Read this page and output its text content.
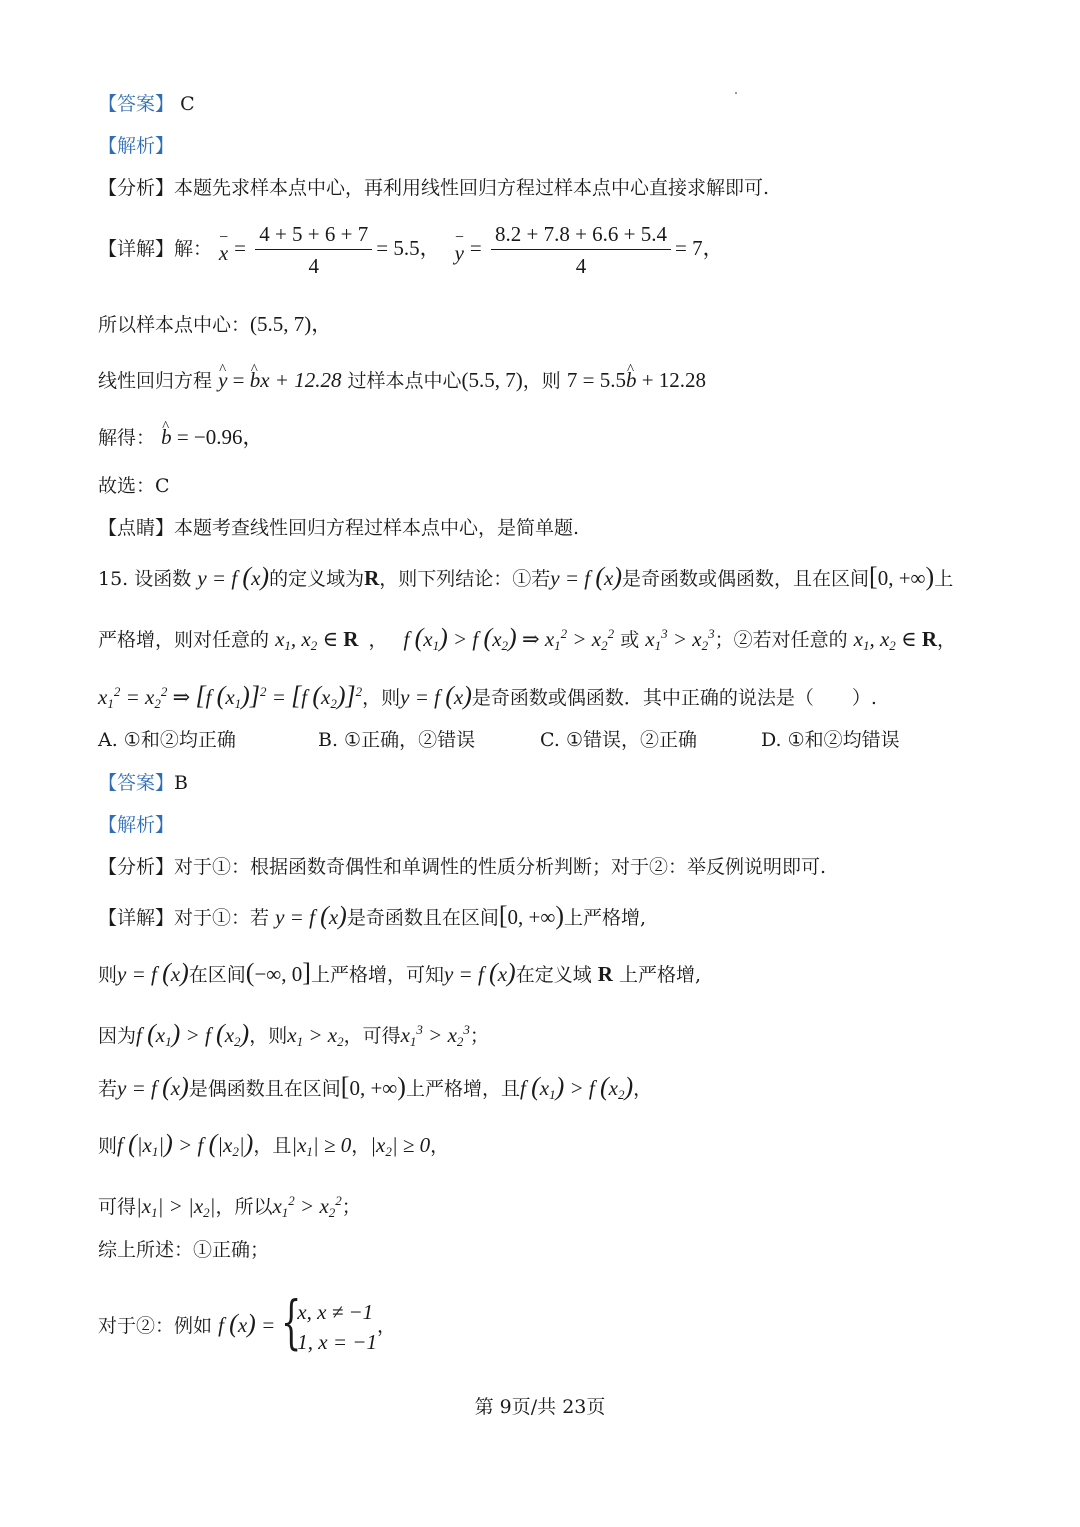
【答案】 C
【解析】
【分析】本题先求样本点中心，再利用线性回归方程过样本点中心直接求解即可.
【详解】解：
−
$x = \frac{4 + 5 + 6 + 7}{4} = 5.5$， −
$y = \frac{8.2 + 7.8 + 6.6 + 5.4}{4} = 7$，
所以样本点中心：(5.5, 7)，
线性回归方程 ^ y = ^ bx + 12.28 过样本点中心(5.5, 7)，则 7 = 5.5^ b + 12.28
解得： ^ b = −0.96，
故选：C
【点睛】本题考查线性回归方程过样本点中心，是简单题.
15. 设函数 y = f (x)的定义域为R，则下列结论：①若y = f (x)是奇函数或偶函数，且在区间[0, +∞)上
严格增，则对任意的 $x_1$, $x_2$ ∈ R ， f $(x_1) > f$ $(x_2)$ ⇒ $x_1^2 > x_2^2$ 或 $x_1^3 > x_2^3$；②若对任意的 $x_1$, $x_2$ ∈ R，
$x_1^2 = x_2^2$ ⇒ [f $(x_1)]^2 = [f$ $(x_2)]^2$，则y = f (x)是奇函数或偶函数．其中正确的说法是（　　）.
A. ①和②均正确	B. ①正确，②错误	C. ①错误，②正确	D. ①和②均错误
【答案】B
【解析】
【分析】对于①：根据函数奇偶性和单调性的性质分析判断；对于②：举反例说明即可.
【详解】对于①：若 y = f (x)是奇函数且在区间[0, +∞)上严格增,
则y = f (x)在区间(−∞, 0]上严格增，可知y = f (x)在定义域 R 上严格增,
因为f $(x_1) > f$ $(x_2)$，则$x_1 > x_2$，可得$x_1^3 > x_2^3$；
若y = f (x)是偶函数且在区间[0, +∞)上严格增，且f $(x_1) > f$ $(x_2)$，
则f $(|x_1|) > f$ $(|x_2|)$，且$|x_1| \ge 0$，$|x_2| \ge 0$，
可得$|x_1| > |x_2|$，所以$x_1^2 > x_2^2$；
综上所述：①正确；
对于②：例如 f (x) = {
x, x ≠ −1
1, x = −1
，
第 9页/共 23页
